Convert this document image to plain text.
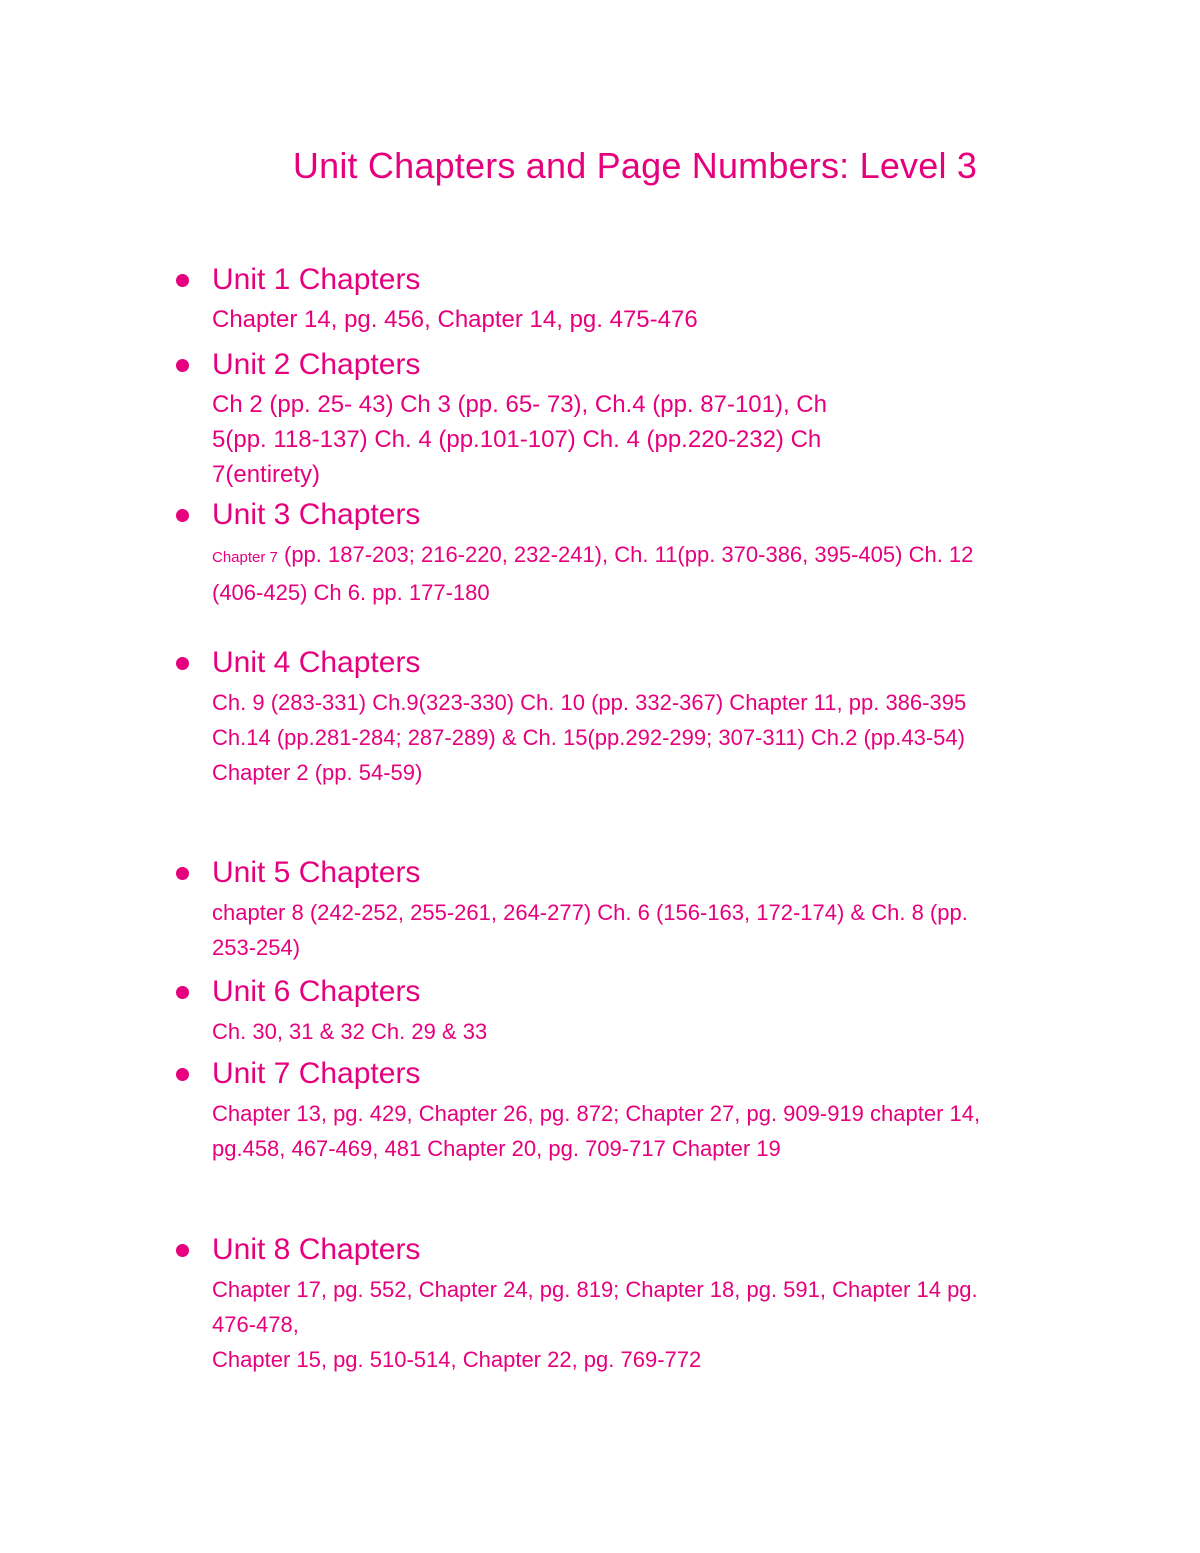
Unit Chapters and Page Numbers: Level 3
Unit 1 Chapters
Chapter 14, pg. 456, Chapter 14, pg. 475-476
Unit 2 Chapters
Ch 2 (pp. 25- 43) Ch 3 (pp. 65- 73), Ch.4 (pp. 87-101), Ch
5(pp. 118-137) Ch. 4 (pp.101-107) Ch. 4 (pp.220-232) Ch
7(entirety)
Unit 3 Chapters
Chapter 7 (pp. 187-203; 216-220, 232-241), Ch. 11(pp. 370-386, 395-405) Ch. 12
(406-425) Ch 6. pp. 177-180
Unit 4 Chapters
Ch. 9 (283-331) Ch.9(323-330) Ch. 10 (pp. 332-367) Chapter 11, pp. 386-395
Ch.14 (pp.281-284; 287-289) & Ch. 15(pp.292-299; 307-311) Ch.2 (pp.43-54)
Chapter 2 (pp. 54-59)
Unit 5 Chapters
chapter 8 (242-252, 255-261, 264-277) Ch. 6 (156-163, 172-174) & Ch. 8 (pp.
253-254)
Unit 6 Chapters
Ch. 30, 31 & 32 Ch. 29 & 33
Unit 7 Chapters
Chapter 13, pg. 429, Chapter 26, pg. 872; Chapter 27, pg. 909-919 chapter 14,
pg.458, 467-469, 481 Chapter 20, pg. 709-717 Chapter 19
Unit 8 Chapters
Chapter 17, pg. 552, Chapter 24, pg. 819; Chapter 18, pg. 591, Chapter 14 pg.
476-478,
Chapter 15, pg. 510-514, Chapter 22, pg. 769-772
